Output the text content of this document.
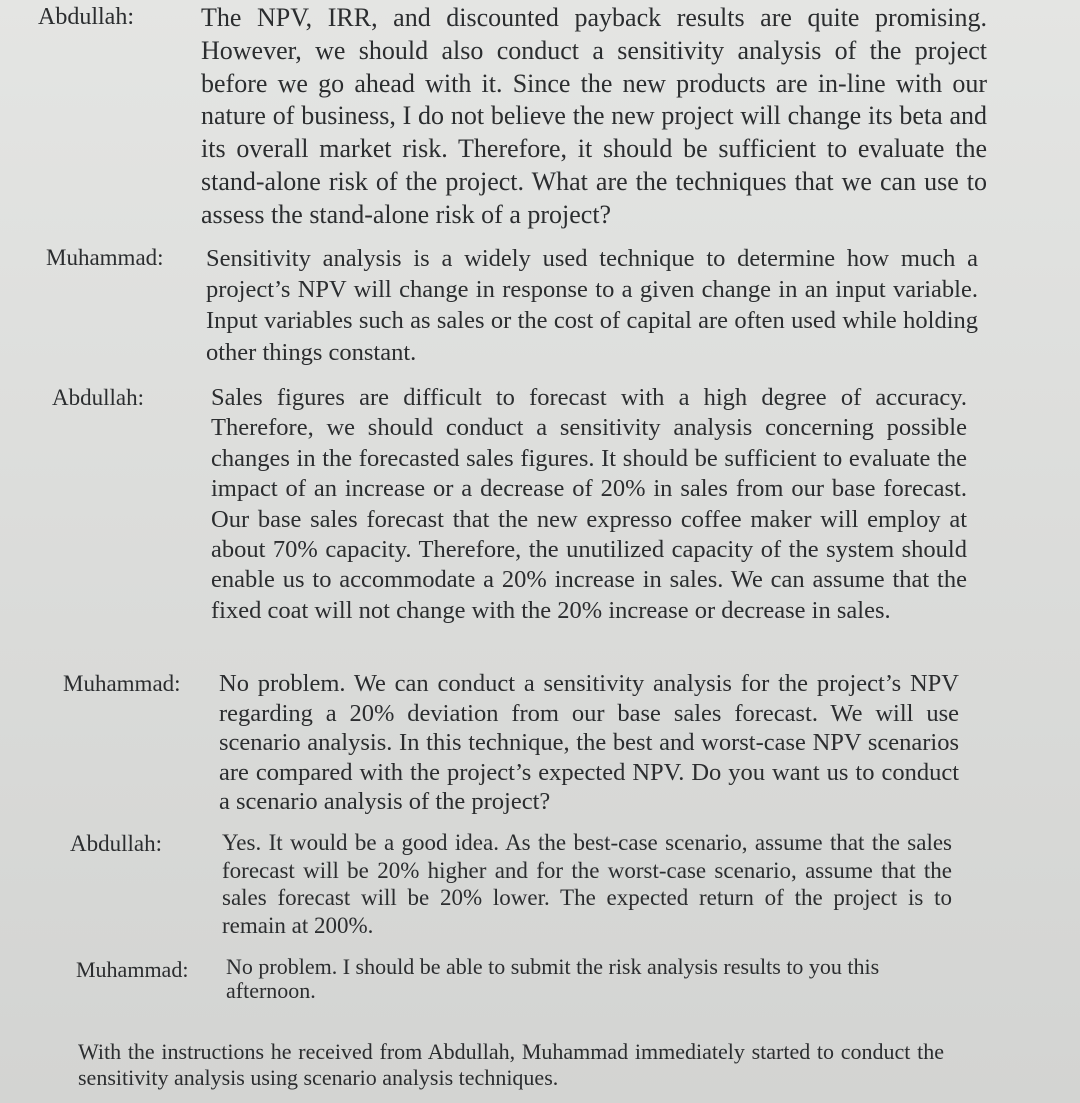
Abdullah:	The NPV, IRR, and discounted payback results are quite promising. However, we should also conduct a sensitivity analysis of the project before we go ahead with it. Since the new products are in-line with our nature of business, I do not believe the new project will change its beta and its overall market risk. Therefore, it should be sufficient to evaluate the stand-alone risk of the project. What are the techniques that we can use to assess the stand-alone risk of a project?
Muhammad: Sensitivity analysis is a widely used technique to determine how much a project’s NPV will change in response to a given change in an input variable. Input variables such as sales or the cost of capital are often used while holding other things constant.
Abdullah:	Sales figures are difficult to forecast with a high degree of accuracy. Therefore, we should conduct a sensitivity analysis concerning possible changes in the forecasted sales figures. It should be sufficient to evaluate the impact of an increase or a decrease of 20% in sales from our base forecast. Our base sales forecast that the new expresso coffee maker will employ at about 70% capacity. Therefore, the unutilized capacity of the system should enable us to accommodate a 20% increase in sales. We can assume that the fixed coat will not change with the 20% increase or decrease in sales.
Muhammad: No problem. We can conduct a sensitivity analysis for the project’s NPV regarding a 20% deviation from our base sales forecast. We will use scenario analysis. In this technique, the best and worst-case NPV scenarios are compared with the project’s expected NPV. Do you want us to conduct a scenario analysis of the project?
Abdullah:	Yes. It would be a good idea. As the best-case scenario, assume that the sales forecast will be 20% higher and for the worst-case scenario, assume that the sales forecast will be 20% lower. The expected return of the project is to remain at 200%.
Muhammad: No problem. I should be able to submit the risk analysis results to you this afternoon.
With the instructions he received from Abdullah, Muhammad immediately started to conduct the sensitivity analysis using scenario analysis techniques.
